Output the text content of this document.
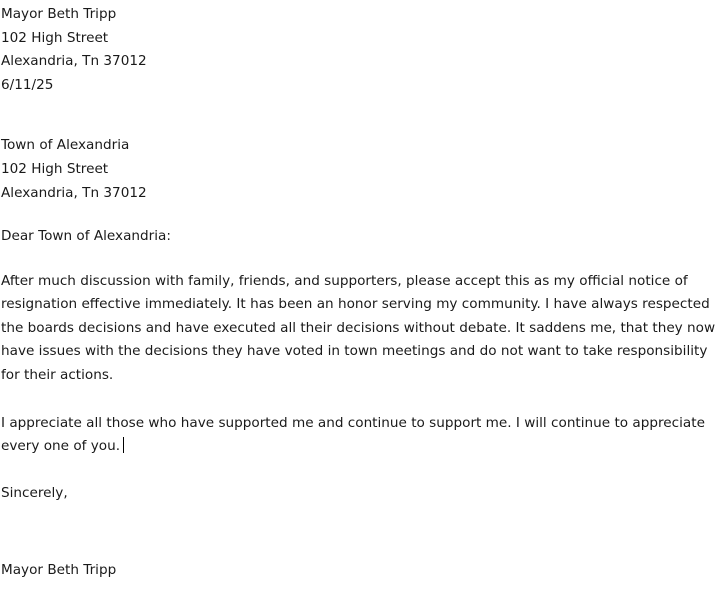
Mayor Beth Tripp
102 High Street
Alexandria, Tn 37012
6/11/25
Town of Alexandria
102 High Street
Alexandria, Tn 37012
Dear Town of Alexandria:
After much discussion with family, friends, and supporters, please accept this as my official notice of
resignation effective immediately. It has been an honor serving my community. I have always respected
the boards decisions and have executed all their decisions without debate. It saddens me, that they now
have issues with the decisions they have voted in town meetings and do not want to take responsibility
for their actions.
I appreciate all those who have supported me and continue to support me. I will continue to appreciate
every one of you.
Sincerely,
Mayor Beth Tripp
